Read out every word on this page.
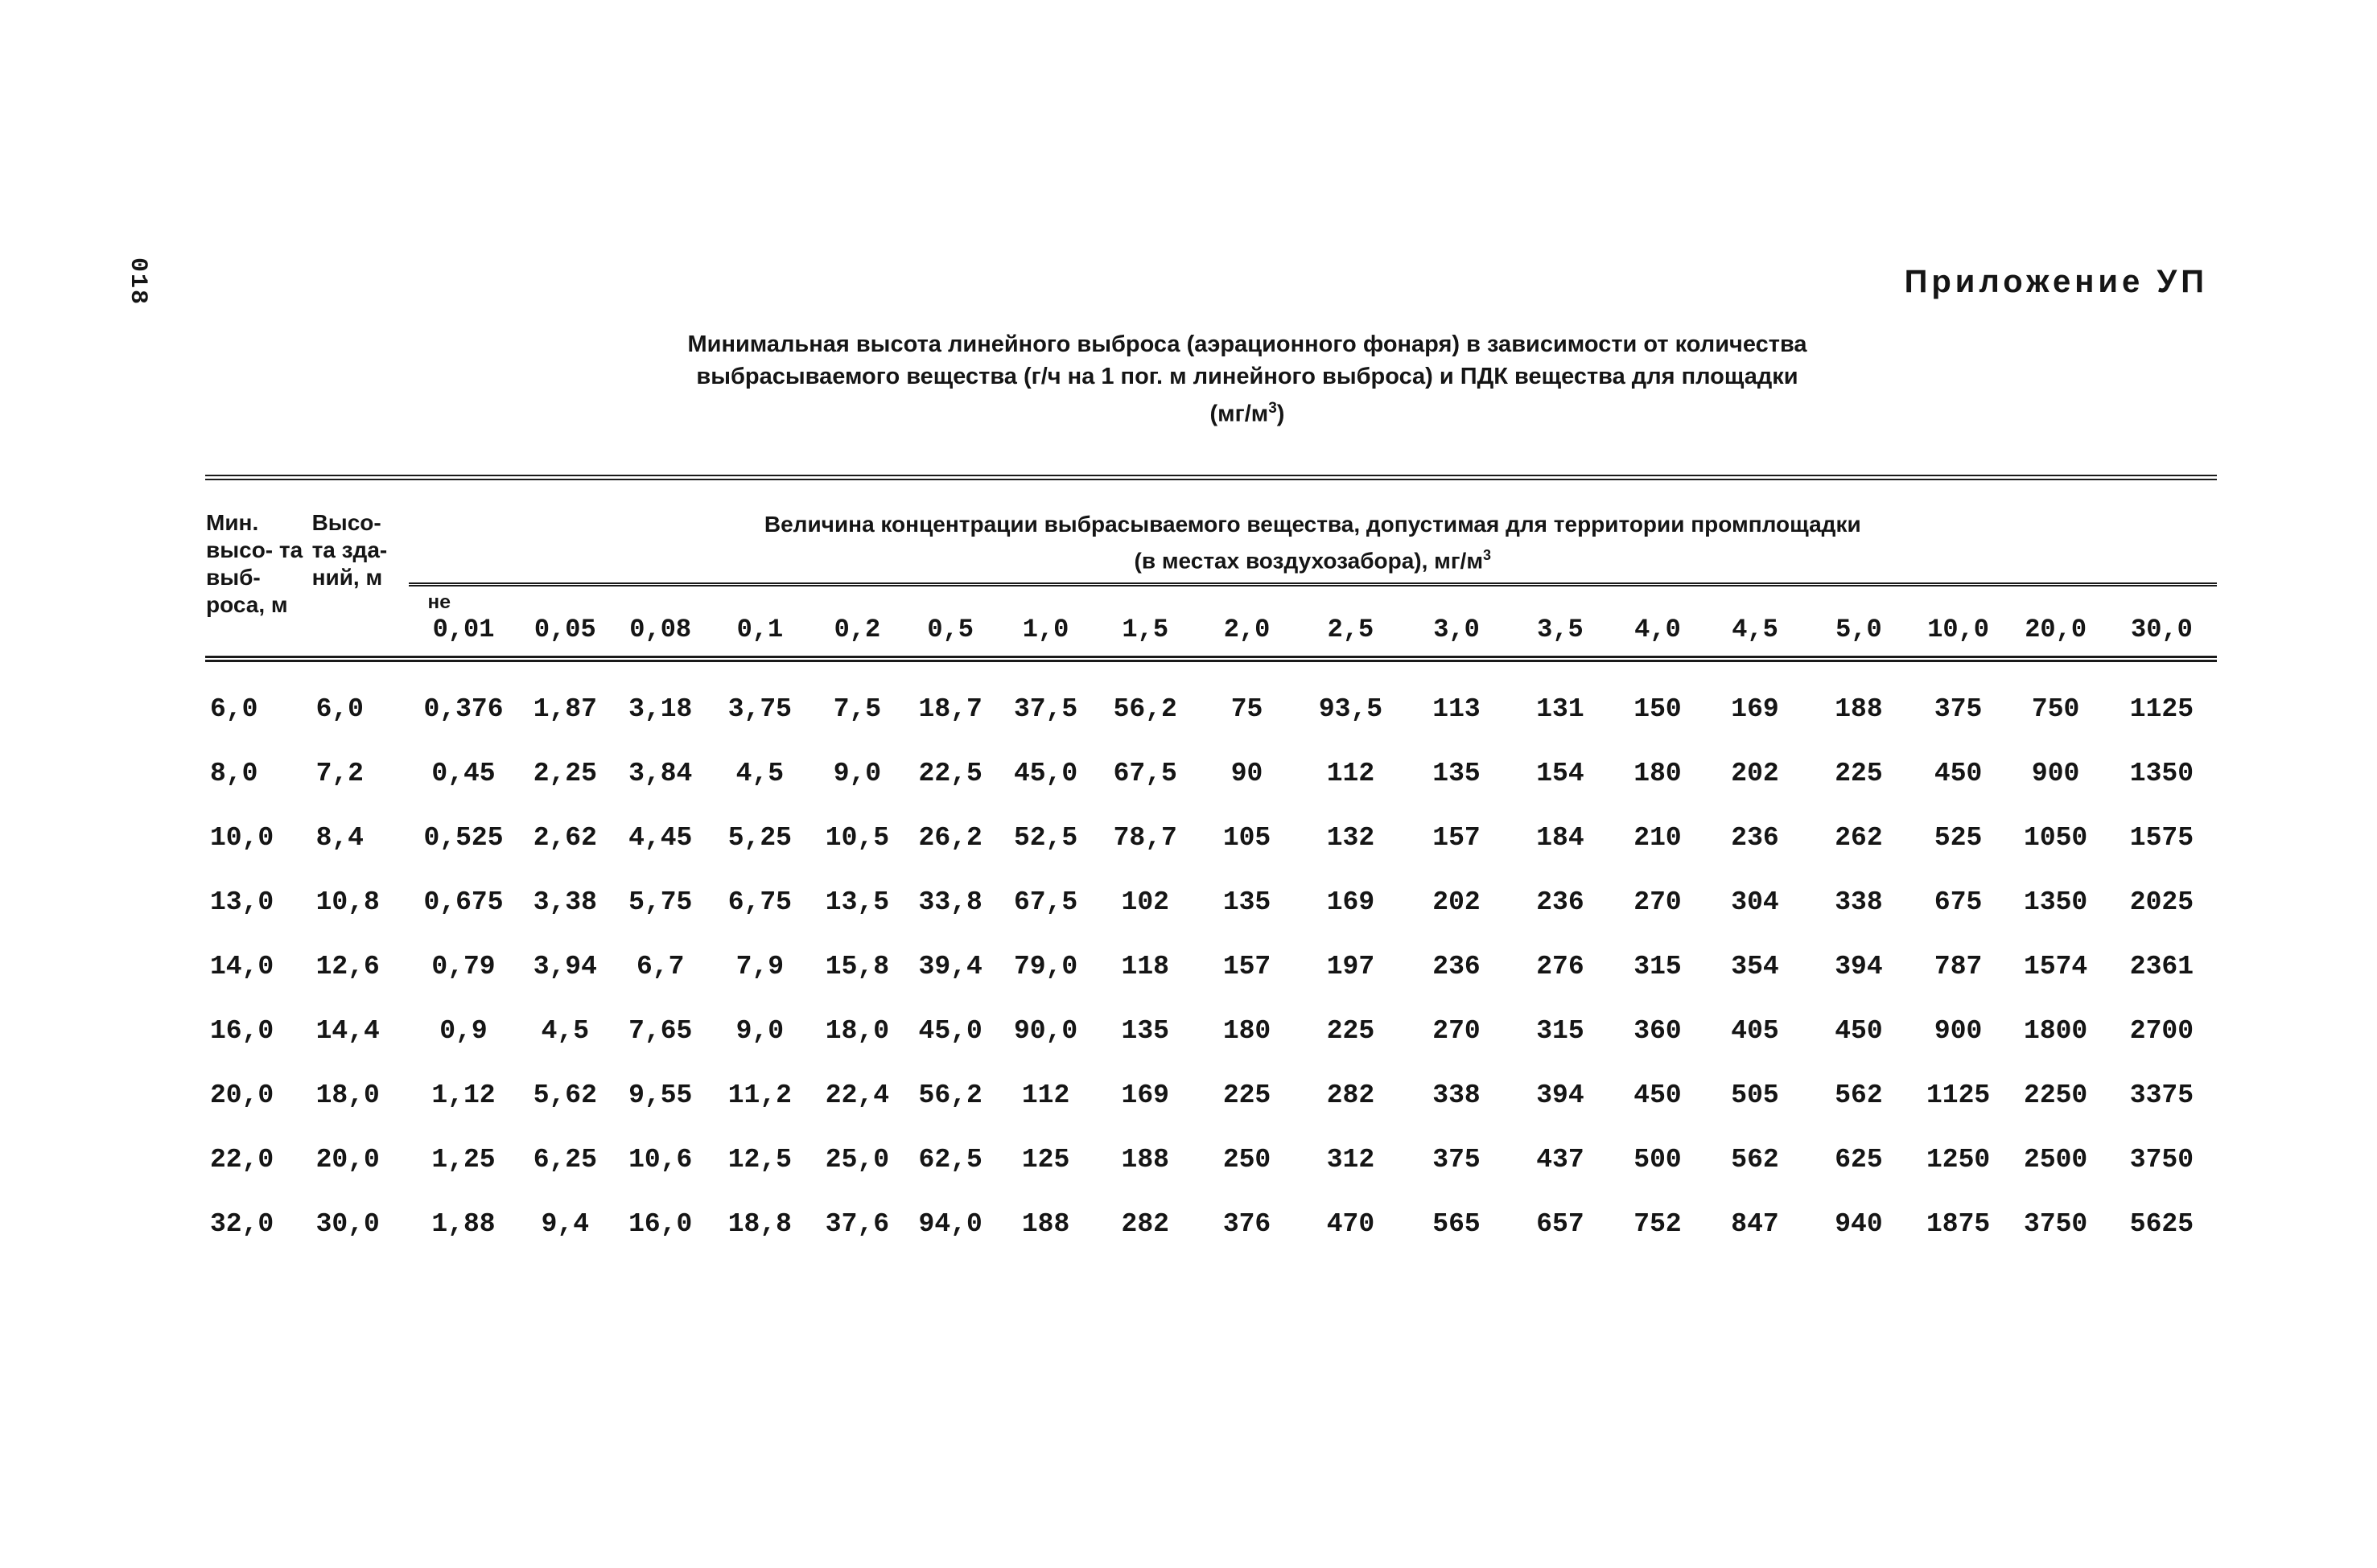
018	Приложение УП
Минимальная высота линейного выброса (аэрационного фонаря) в зависимости от количества
выбрасываемого вещества (г/ч на 1 пог. м линейного выброса) и ПДК вещества для площадки
$(мг/м^3)$
Мин. высо- та выб- роса, м	Высо- та зда- ний, м	Величина концентрации выбрасываемого вещества, допустимая для территории промплощадки
(в местах воздухозабора), $мг/м^3$

		не
0,01	0,05	0,08	0,1	0,2	0,5	1,0	1,5	2,0	2,5	3,0	3,5	4,0	4,5	5,0	10,0	20,0	30,0

6,0	6,0	0,376	1,87	3,18	3,75	7,5	18,7	37,5	56,2	75	93,5	113	131	150	169	188	375	750	1125
8,0	7,2	0,45	2,25	3,84	4,5	9,0	22,5	45,0	67,5	90	112	135	154	180	202	225	450	900	1350
10,0	8,4	0,525	2,62	4,45	5,25	10,5	26,2	52,5	78,7	105	132	157	184	210	236	262	525	1050	1575
13,0	10,8	0,675	3,38	5,75	6,75	13,5	33,8	67,5	102	135	169	202	236	270	304	338	675	1350	2025
14,0	12,6	0,79	3,94	6,7	7,9	15,8	39,4	79,0	118	157	197	236	276	315	354	394	787	1574	2361
16,0	14,4	0,9	4,5	7,65	9,0	18,0	45,0	90,0	135	180	225	270	315	360	405	450	900	1800	2700
20,0	18,0	1,12	5,62	9,55	11,2	22,4	56,2	112	169	225	282	338	394	450	505	562	1125	2250	3375
22,0	20,0	1,25	6,25	10,6	12,5	25,0	62,5	125	188	250	312	375	437	500	562	625	1250	2500	3750
32,0	30,0	1,88	9,4	16,0	18,8	37,6	94,0	188	282	376	470	565	657	752	847	940	1875	3750	5625
